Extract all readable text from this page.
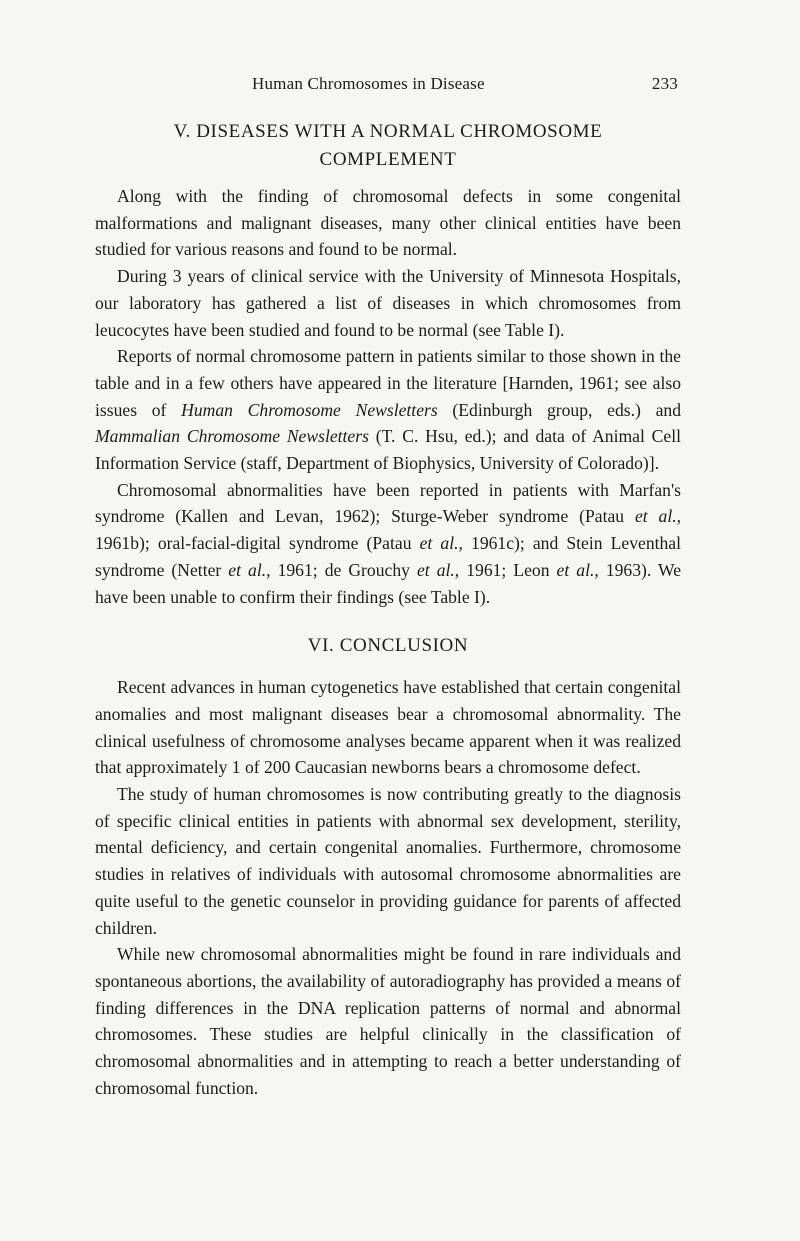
Human Chromosomes in Disease	233
V. DISEASES WITH A NORMAL CHROMOSOME
COMPLEMENT

Along with the finding of chromosomal defects in some congenital malformations and malignant diseases, many other clinical entities have been studied for various reasons and found to be normal.

During 3 years of clinical service with the University of Minnesota Hospitals, our laboratory has gathered a list of diseases in which chromosomes from leucocytes have been studied and found to be normal (see Table I).

Reports of normal chromosome pattern in patients similar to those shown in the table and in a few others have appeared in the literature [Harnden, 1961; see also issues of Human Chromosome Newsletters (Edinburgh group, eds.) and Mammalian Chromosome Newsletters (T. C. Hsu, ed.); and data of Animal Cell Information Service (staff, Department of Biophysics, University of Colorado)].

Chromosomal abnormalities have been reported in patients with Marfan's syndrome (Kallen and Levan, 1962); Sturge-Weber syndrome (Patau et al., 1961b); oral-facial-digital syndrome (Patau et al., 1961c); and Stein Leventhal syndrome (Netter et al., 1961; de Grouchy et al., 1961; Leon et al., 1963). We have been unable to confirm their findings (see Table I).

VI. CONCLUSION

Recent advances in human cytogenetics have established that certain congenital anomalies and most malignant diseases bear a chromosomal abnormality. The clinical usefulness of chromosome analyses became apparent when it was realized that approximately 1 of 200 Caucasian newborns bears a chromosome defect.

The study of human chromosomes is now contributing greatly to the diagnosis of specific clinical entities in patients with abnormal sex development, sterility, mental deficiency, and certain congenital anomalies. Furthermore, chromosome studies in relatives of individuals with autosomal chromosome abnormalities are quite useful to the genetic counselor in providing guidance for parents of affected children.

While new chromosomal abnormalities might be found in rare individuals and spontaneous abortions, the availability of autoradiography has provided a means of finding differences in the DNA replication patterns of normal and abnormal chromosomes. These studies are helpful clinically in the classification of chromosomal abnormalities and in attempting to reach a better understanding of chromosomal function.
